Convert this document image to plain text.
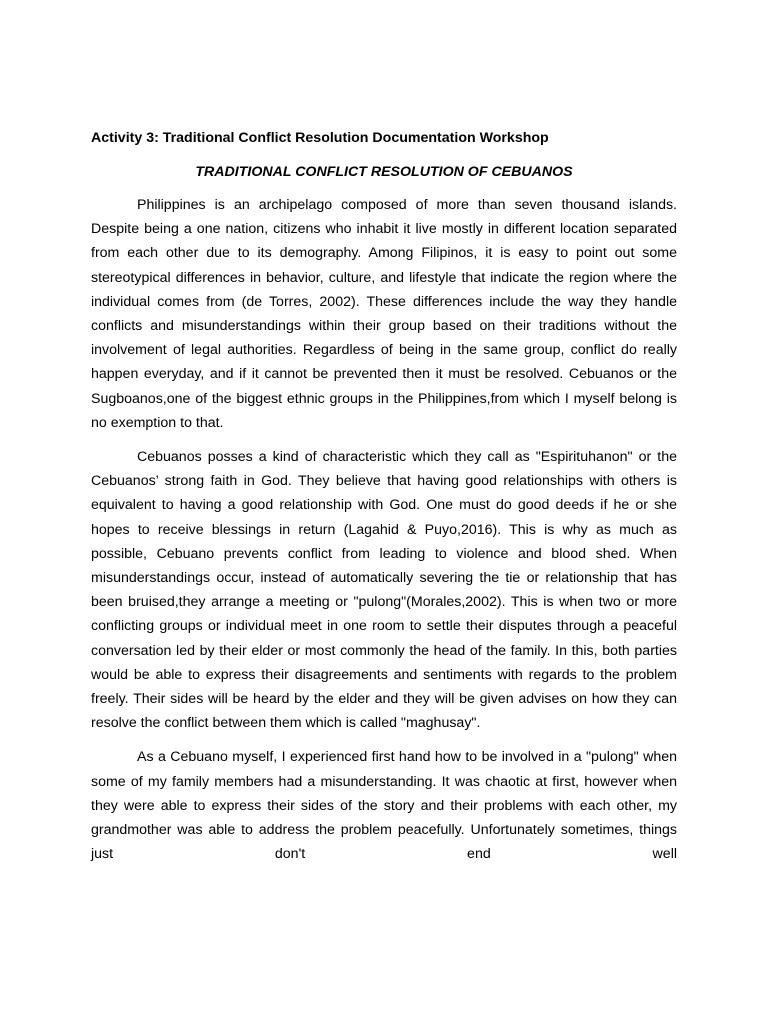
Activity 3: Traditional Conflict Resolution Documentation Workshop

TRADITIONAL CONFLICT RESOLUTION OF CEBUANOS

Philippines is an archipelago composed of more than seven thousand islands. Despite being a one nation, citizens who inhabit it live mostly in different location separated from each other due to its demography. Among Filipinos, it is easy to point out some stereotypical differences in behavior, culture, and lifestyle that indicate the region where the individual comes from (de Torres, 2002). These differences include the way they handle conflicts and misunderstandings within their group based on their traditions without the involvement of legal authorities. Regardless of being in the same group, conflict do really happen everyday, and if it cannot be prevented then it must be resolved. Cebuanos or the Sugboanos,one of the biggest ethnic groups in the Philippines,from which I myself belong is no exemption to that.

Cebuanos posses a kind of characteristic which they call as "Espirituhanon" or the Cebuanos’ strong faith in God. They believe that having good relationships with others is equivalent to having a good relationship with God. One must do good deeds if he or she hopes to receive blessings in return (Lagahid & Puyo,2016). This is why as much as possible, Cebuano prevents conflict from leading to violence and blood shed. When misunderstandings occur, instead of automatically severing the tie or relationship that has been bruised,they arrange a meeting or "pulong"(Morales,2002). This is when two or more conflicting groups or individual meet in one room to settle their disputes through a peaceful conversation led by their elder or most commonly the head of the family. In this, both parties would be able to express their disagreements and sentiments with regards to the problem freely. Their sides will be heard by the elder and they will be given advises on how they can resolve the conflict between them which is called "maghusay".

As a Cebuano myself, I experienced first hand how to be involved in a "pulong" when some of my family members had a misunderstanding. It was chaotic at first, however when they were able to express their sides of the story and their problems with each other, my grandmother was able to address the problem peacefully. Unfortunately sometimes, things just don't end well
